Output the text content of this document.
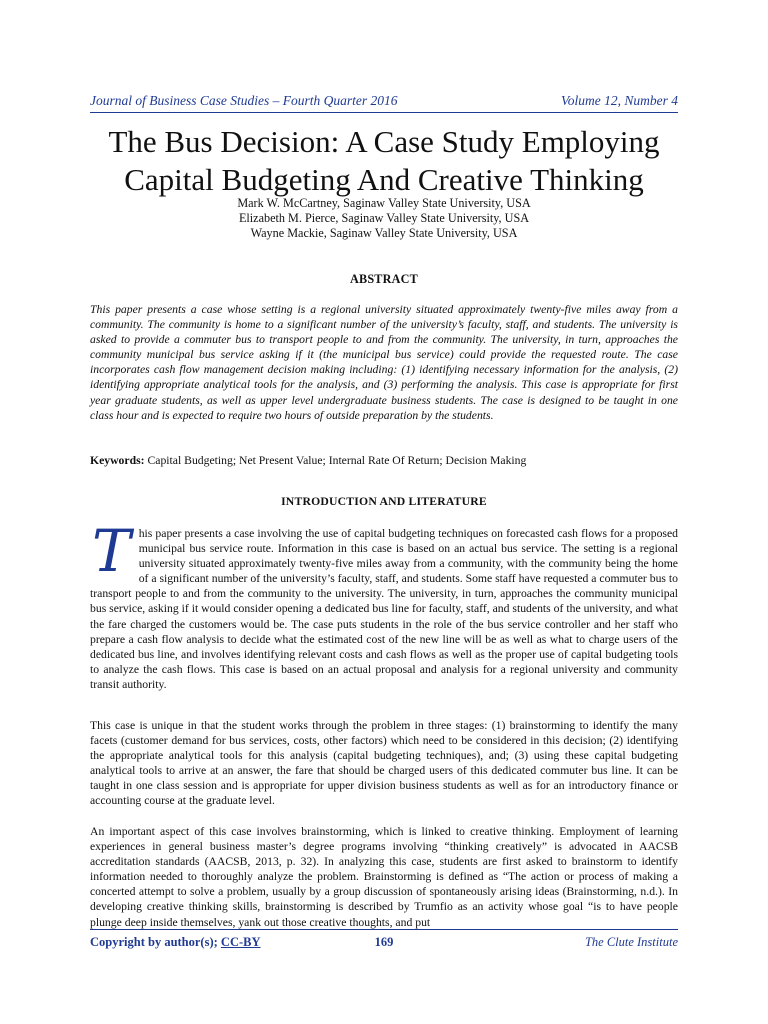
Journal of Business Case Studies – Fourth Quarter 2016	Volume 12, Number 4
The Bus Decision: A Case Study Employing
Capital Budgeting And Creative Thinking
Mark W. McCartney, Saginaw Valley State University, USA
Elizabeth M. Pierce, Saginaw Valley State University, USA
Wayne Mackie, Saginaw Valley State University, USA
ABSTRACT
This paper presents a case whose setting is a regional university situated approximately twenty-five miles away from a community. The community is home to a significant number of the university’s faculty, staff, and students. The university is asked to provide a commuter bus to transport people to and from the community. The university, in turn, approaches the community municipal bus service asking if it (the municipal bus service) could provide the requested route. The case incorporates cash flow management decision making including: (1) identifying necessary information for the analysis, (2) identifying appropriate analytical tools for the analysis, and (3) performing the analysis. This case is appropriate for first year graduate students, as well as upper level undergraduate business students. The case is designed to be taught in one class hour and is expected to require two hours of outside preparation by the students.
Keywords: Capital Budgeting; Net Present Value; Internal Rate Of Return; Decision Making
INTRODUCTION AND LITERATURE
T his paper presents a case involving the use of capital budgeting techniques on forecasted cash flows for a proposed municipal bus service route. Information in this case is based on an actual bus service. The setting is a regional university situated approximately twenty-five miles away from a community, with the community being the home of a significant number of the university’s faculty, staff, and students. Some staff have requested a commuter bus to transport people to and from the community to the university. The university, in turn, approaches the community municipal bus service, asking if it would consider opening a dedicated bus line for faculty, staff, and students of the university, and what the fare charged the customers would be. The case puts students in the role of the bus service controller and her staff who prepare a cash flow analysis to decide what the estimated cost of the new line will be as well as what to charge users of the dedicated bus line, and involves identifying relevant costs and cash flows as well as the proper use of capital budgeting tools to analyze the cash flows. This case is based on an actual proposal and analysis for a regional university and community transit authority.
This case is unique in that the student works through the problem in three stages: (1) brainstorming to identify the many facets (customer demand for bus services, costs, other factors) which need to be considered in this decision; (2) identifying the appropriate analytical tools for this analysis (capital budgeting techniques), and; (3) using these capital budgeting analytical tools to arrive at an answer, the fare that should be charged users of this dedicated commuter bus line. It can be taught in one class session and is appropriate for upper division business students as well as for an introductory finance or accounting course at the graduate level.
An important aspect of this case involves brainstorming, which is linked to creative thinking. Employment of learning experiences in general business master’s degree programs involving “thinking creatively” is advocated in AACSB accreditation standards (AACSB, 2013, p. 32). In analyzing this case, students are first asked to brainstorm to identify information needed to thoroughly analyze the problem. Brainstorming is defined as “The action or process of making a concerted attempt to solve a problem, usually by a group discussion of spontaneously arising ideas (Brainstorming, n.d.). In developing creative thinking skills, brainstorming is described by Trumfio as an activity whose goal “is to have people plunge deep inside themselves, yank out those creative thoughts, and put
Copyright by author(s); CC-BY	169	The Clute Institute
